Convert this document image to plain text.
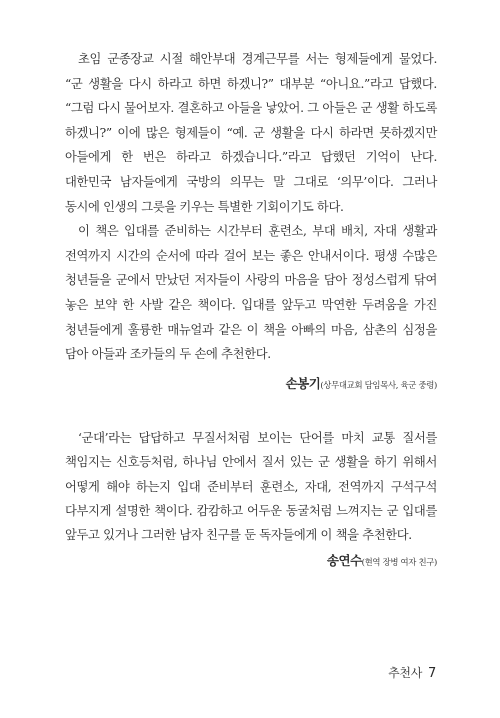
초임 군종장교 시절 해안부대 경계근무를 서는 형제들에게 물었다. “군 생활을 다시 하라고 하면 하겠니?” 대부분 “아니요.”라고 답했다. “그럼 다시 물어보자. 결혼하고 아들을 낳았어. 그 아들은 군 생활 하도록 하겠니?” 이에 많은 형제들이 “예. 군 생활을 다시 하라면 못하겠지만 아들에게 한 번은 하라고 하겠습니다.”라고 답했던 기억이 난다. 대한민국 남자들에게 국방의 의무는 말 그대로 ‘의무’이다. 그러나 동시에 인생의 그릇을 키우는 특별한 기회이기도 하다.

이 책은 입대를 준비하는 시간부터 훈련소, 부대 배치, 자대 생활과 전역까지 시간의 순서에 따라 걸어 보는 좋은 안내서이다. 평생 수많은 청년들을 군에서 만났던 저자들이 사랑의 마음을 담아 정성스럽게 닦여 놓은 보약 한 사발 같은 책이다. 입대를 앞두고 막연한 두려움을 가진 청년들에게 훌륭한 매뉴얼과 같은 이 책을 아빠의 마음, 삼촌의 심정을 담아 아들과 조카들의 두 손에 추천한다.

손봉기(상무대교회 담임목사, 육군 중령)

‘군대’라는 답답하고 무질서처럼 보이는 단어를 마치 교통 질서를 책임지는 신호등처럼, 하나님 안에서 질서 있는 군 생활을 하기 위해서 어떻게 해야 하는지 입대 준비부터 훈련소, 자대, 전역까지 구석구석 다부지게 설명한 책이다. 캄캄하고 어두운 동굴처럼 느껴지는 군 입대를 앞두고 있거나 그러한 남자 친구를 둔 독자들에게 이 책을 추천한다.

송연수(현역 장병 여자 친구)

추천사 7
